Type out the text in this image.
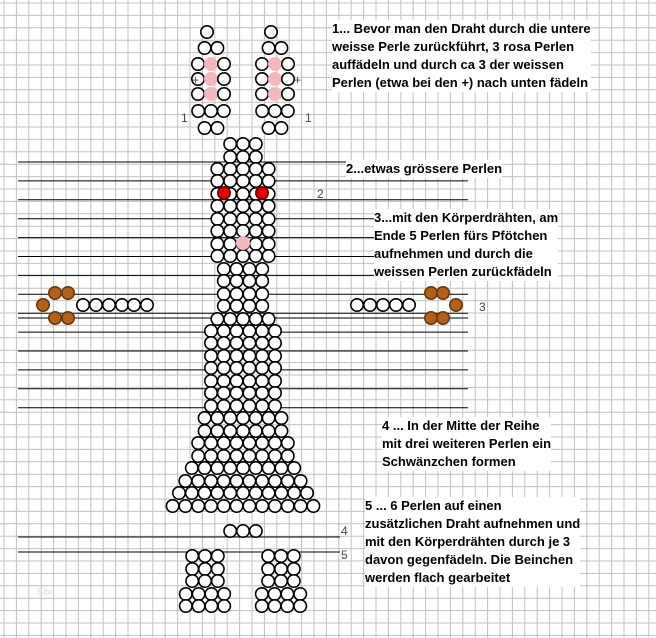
1... Bevor man den Draht durch die untere
weisse Perle zurückführt, 3 rosa Perlen
auffädeln und durch ca 3 der weissen
Perlen (etwa bei den +) nach unten fädeln
2...etwas grössere Perlen
3...mit den Körperdrähten, am
Ende 5 Perlen fürs Pfötchen
aufnehmen und durch die
weissen Perlen zurückfädeln
4 ... In der Mitte der Reihe
mit drei weiteren Perlen ein
Schwänzchen formen
5 ... 6 Perlen auf einen
zusätzlichen Draht aufnehmen und
mit den Körperdrähten durch je 3
davon gegenfädeln. Die Beinchen
werden flach gearbeitet
+	+
1	1
2
3
4
5
Bibi
